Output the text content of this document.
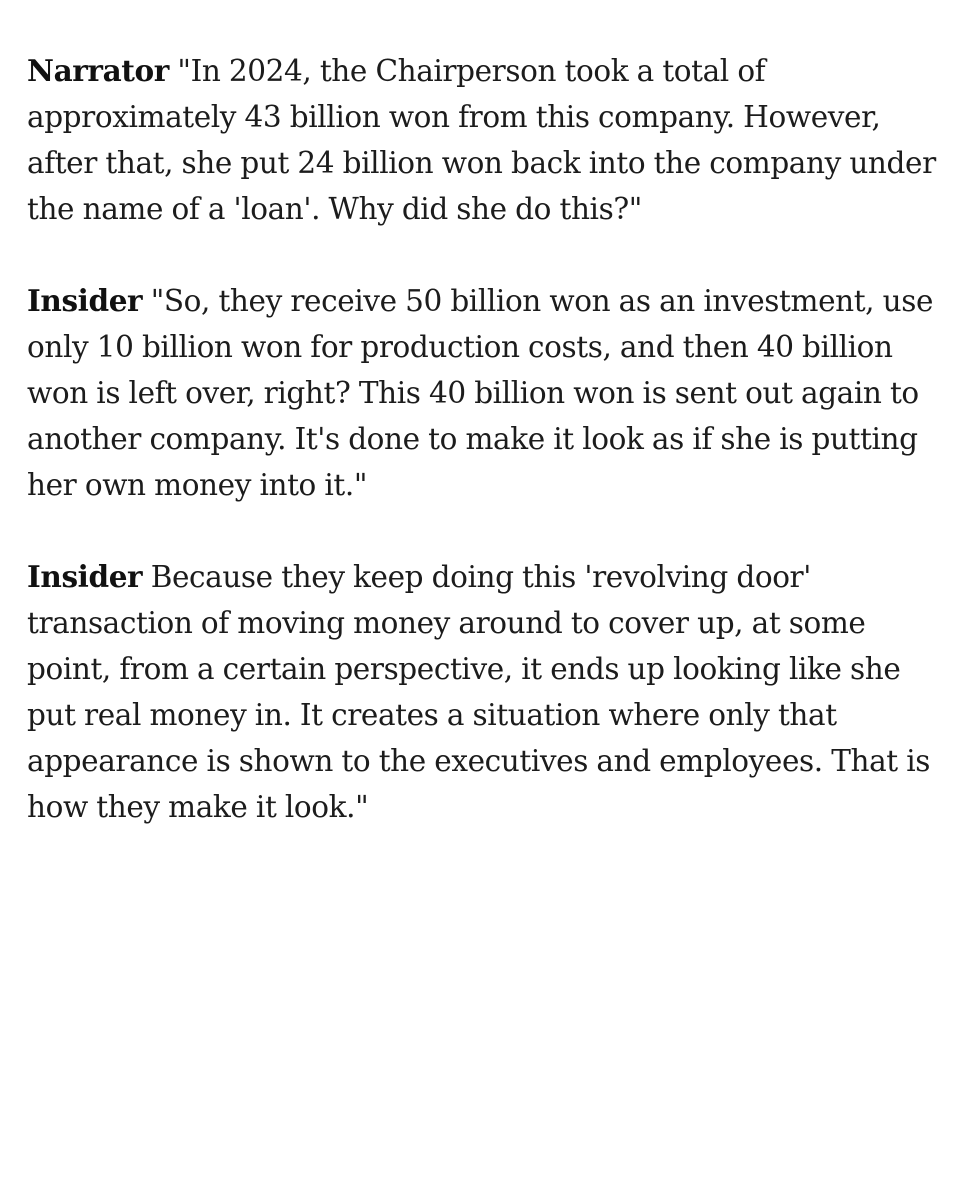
Narrator "In 2024, the Chairperson took a total of approximately 43 billion won from this company. However, after that, she put 24 billion won back into the company under the name of a 'loan'. Why did she do this?"

Insider "So, they receive 50 billion won as an investment, use only 10 billion won for production costs, and then 40 billion won is left over, right? This 40 billion won is sent out again to another company. It's done to make it look as if she is putting her own money into it."

Insider Because they keep doing this 'revolving door' transaction of moving money around to cover up, at some point, from a certain perspective, it ends up looking like she put real money in. It creates a situation where only that appearance is shown to the executives and employees. That is how they make it look."
